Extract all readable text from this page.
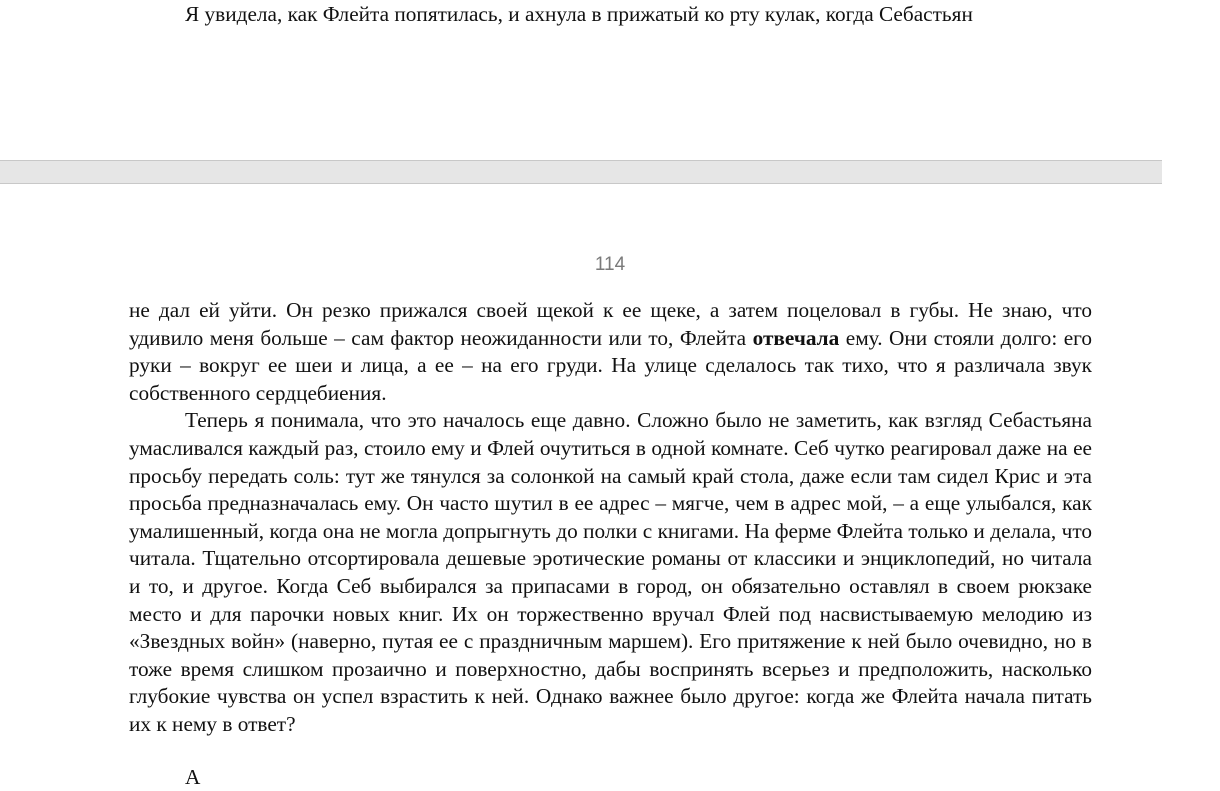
Я увидела, как Флейта попятилась, и ахнула в прижатый ко рту кулак, когда Себастьян
114

не дал ей уйти. Он резко прижался своей щекой к ее щеке, а затем поцеловал в губы. Не знаю, что удивило меня больше – сам фактор неожиданности или то, Флейта отвечала ему. Они стояли долго: его руки – вокруг ее шеи и лица, а ее – на его груди. На улице сделалось так тихо, что я различала звук собственного сердцебиения.

Теперь я понимала, что это началось еще давно. Сложно было не заметить, как взгляд Себастьяна умасливался каждый раз, стоило ему и Флей очутиться в одной комнате. Себ чутко реагировал даже на ее просьбу передать соль: тут же тянулся за солонкой на самый край стола, даже если там сидел Крис и эта просьба предназначалась ему. Он часто шутил в ее адрес – мягче, чем в адрес мой, – а еще улыбался, как умалишенный, когда она не могла допрыгнуть до полки с книгами. На ферме Флейта только и делала, что читала. Тщательно отсортировала дешевые эротические романы от классики и энциклопедий, но читала и то, и другое. Когда Себ выбирался за припасами в город, он обязательно оставлял в своем рюкзаке место и для парочки новых книг. Их он торжественно вручал Флей под насвистываемую мелодию из «Звездных войн» (наверно, путая ее с праздничным маршем). Его притяжение к ней было очевидно, но в тоже время слишком прозаично и поверхностно, дабы воспринять всерьез и предположить, насколько глубокие чувства он успел взрастить к ней. Однако важнее было другое: когда же Флейта начала питать их к нему в ответ?

А
